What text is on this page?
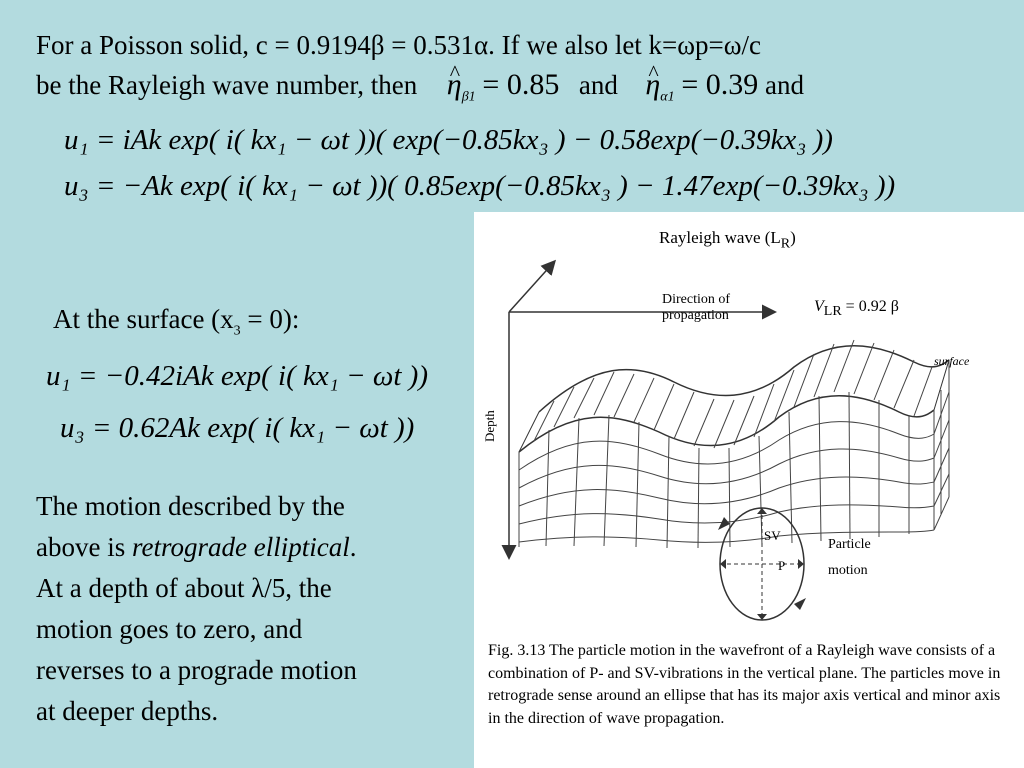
For a Poisson solid, c = 0.9194β = 0.531α. If we also let k=ωp=ω/c
be the Rayleigh wave number, then ^ $\eta_{\beta 1} = 0.85$ and ^ $\eta_{\alpha 1} = 0.39$ and
u₁ = iAk exp( i( kx₁ − ωt ))( exp(−0.85kx₃ ) − 0.58exp(−0.39kx₃ ))
u₃ = −Ak exp( i( kx₁ − ωt ))( 0.85exp(−0.85kx₃ ) − 1.47exp(−0.39kx₃ ))
At the surface $(x_3 = 0)$:
u₁ = −0.42iAk exp( i( kx₁ − ωt ))
u₃ = 0.62Ak exp( i( kx₁ − ωt ))
The motion described by the
above is retrograde elliptical.
At a depth of about λ/5, the
motion goes to zero, and
reverses to a prograde motion
at deeper depths.
Rayleigh wave $(L_R)$
Direction of
propagation
$V_{LR} = 0.92$ β
surface
Depth
SV
P
Particle
motion
Fig. 3.13 The particle motion in the wavefront of a Rayleigh wave consists of a combination of P- and SV-vibrations in the vertical plane. The particles move in retrograde sense around an ellipse that has its major axis vertical and minor axis in the direction of wave propagation.
